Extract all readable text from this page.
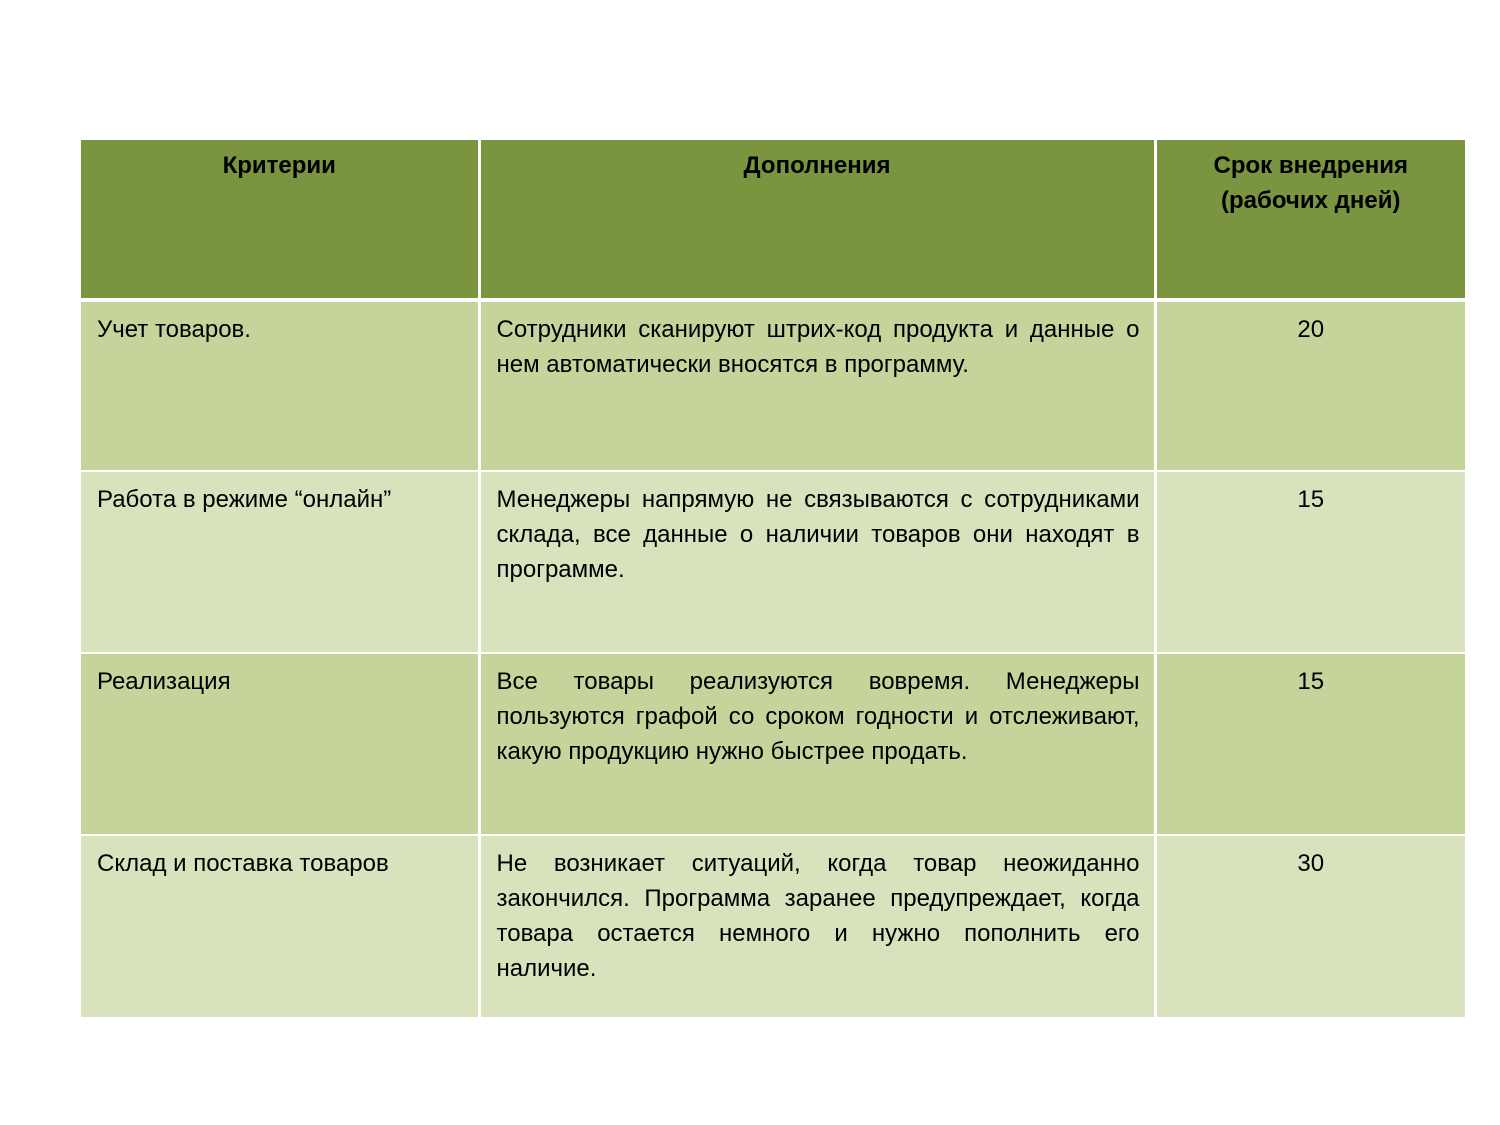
Критерии	Дополнения	Срок внедрения (рабочих дней)
Учет товаров.	Сотрудники сканируют штрих-код продукта и данные о нем автоматически вносятся в программу.	20
Работа в режиме “онлайн”	Менеджеры напрямую не связываются с сотрудниками склада, все данные о наличии товаров они находят в программе.	15
Реализация	Все товары реализуются вовремя. Менеджеры пользуются графой со сроком годности и отслеживают, какую продукцию нужно быстрее продать.	15
Склад и поставка товаров	Не возникает ситуаций, когда товар неожиданно закончился. Программа заранее предупреждает, когда товара остается немного и нужно пополнить его наличие.	30
